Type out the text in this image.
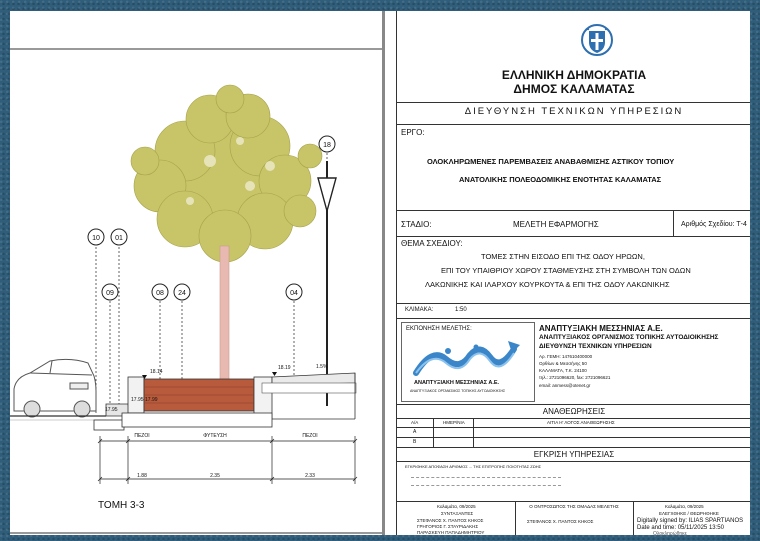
10 01
09	08 24	04
18
18.14
18.19	1.5%
17.95 17.99
17.95
ΠΕΖΟΙ	ΦΥΤΕΥΣΗ	ΠΕΖΟΙ
1.88	2.35	2.33
ΤΟΜΗ 3-3
ΕΛΛΗΝΙΚΗ ΔΗΜΟΚΡΑΤΙΑ
ΔΗΜΟΣ ΚΑΛΑΜΑΤΑΣ
ΔΙΕΥΘΥΝΣΗ ΤΕΧΝΙΚΩΝ ΥΠΗΡΕΣΙΩΝ
ΕΡΓΟ:
ΟΛΟΚΛΗΡΩΜΕΝΕΣ ΠΑΡΕΜΒΑΣΕΙΣ ΑΝΑΒΑΘΜΙΣΗΣ ΑΣΤΙΚΟΥ ΤΟΠΙΟΥ
ΑΝΑΤΟΛΙΚΗΣ ΠΟΛΕΟΔΟΜΙΚΗΣ ΕΝΟΤΗΤΑΣ ΚΑΛΑΜΑΤΑΣ
ΣΤΑΔΙΟ:	ΜΕΛΕΤΗ ΕΦΑΡΜΟΓΗΣ	Αριθμός Σχεδίου: Τ-4
ΘΕΜΑ ΣΧΕΔΙΟΥ:
ΤΟΜΕΣ ΣΤΗΝ ΕΙΣΟΔΟ ΕΠΙ ΤΗΣ ΟΔΟΥ ΗΡΩΩΝ,
ΕΠΙ ΤΟΥ ΥΠΑΙΘΡΙΟΥ ΧΩΡΟΥ ΣΤΑΘΜΕΥΣΗΣ ΣΤΗ ΣΥΜΒΟΛΗ ΤΩΝ ΟΔΩΝ
ΛΑΚΩΝΙΚΗΣ ΚΑΙ ΙΛΑΡΧΟΥ ΚΟΥΡΚΟΥΤΑ & ΕΠΙ ΤΗΣ ΟΔΟΥ ΛΑΚΩΝΙΚΗΣ
ΚΛΙΜΑΚΑ:	1:50
ΕΚΠΟΝΗΣΗ ΜΕΛΕΤΗΣ:
ΑΝΑΠΤΥΞΙΑΚΗ ΜΕΣΣΗΝΙΑΣ Α.Ε.
ΑΝΑΠΤΥΞΙΑΚΟΣ ΟΡΓΑΝΙΣΜΟΣ ΤΟΠΙΚΗΣ ΑΥΤΟΔΙΟΙΚΗΣΗΣ
ΑΝΑΠΤΥΞΙΑΚΗ ΜΕΣΣΗΝΙΑΣ Α.Ε.
ΑΝΑΠΤΥΞΙΑΚΟΣ ΟΡΓΑΝΙΣΜΟΣ ΤΟΠΙΚΗΣ ΑΥΤΟΔΙΟΙΚΗΣΗΣ
ΔΙΕΥΘΥΝΣΗ ΤΕΧΝΙΚΩΝ ΥΠΗΡΕΣΙΩΝ
Αρ. ΓΕΜΗ: 147610400000
Ορθίων & Μεσσήνης 50
ΚΑΛΑΜΑΤΑ, Τ.Κ. 24100
τηλ.: 2721096620, fax: 2721096621
email: anmess@otenet.gr
ΑΝΑΘΕΩΡΗΣΕΙΣ
Α/Α	ΗΜΕΡ/ΝΙΑ	ΑΙΤΙΑ Η' ΛΟΓΟΣ ΑΝΑΘΕΩΡΗΣΗΣ
A
B
ΕΓΚΡΙΣΗ ΥΠΗΡΕΣΙΑΣ
ΕΓΚΡΙΘΗΚΕ ΑΠΟΦΑΣΗ ΑΡΙΘΜΟΣ ... ΤΗΣ ΕΠΙΤΡΟΠΗΣ ΠΟΙΟΤΗΤΑΣ ΖΩΗΣ
Καλαμάτα, 09/2025
ΣΥΝΤΑΞΑΝΤΕΣ
ΣΤΕΦΑΝΟΣ Χ. ΠΑΝΤΟΣ ΚΗΚΟΣ
ΓΡΗΓΟΡΙΟΣ Γ. ΣΤΑΥΡΙΔΑΚΗΣ
ΠΑΡΑΣΚΕΥΗ ΠΑΠΑΔΗΜΗΤΡΙΟΥ
Ο ΟΝΤΡΟΣΩΠΟΣ ΤΗΣ ΟΜΑΔΑΣ ΜΕΛΕΤΗΣ
ΣΤΕΦΑΝΟΣ Χ. ΠΑΝΤΟΣ ΚΗΚΟΣ
Καλαμάτα, 09/2025
ΕΛΕΓΧΘΗΚΕ / ΘΕΩΡΗΘΗΚΕ
Digitally signed by: ILIAS SPARTIANOS
Date and time: 05/11/2025 13:50
Ολοκληρώθηκε
